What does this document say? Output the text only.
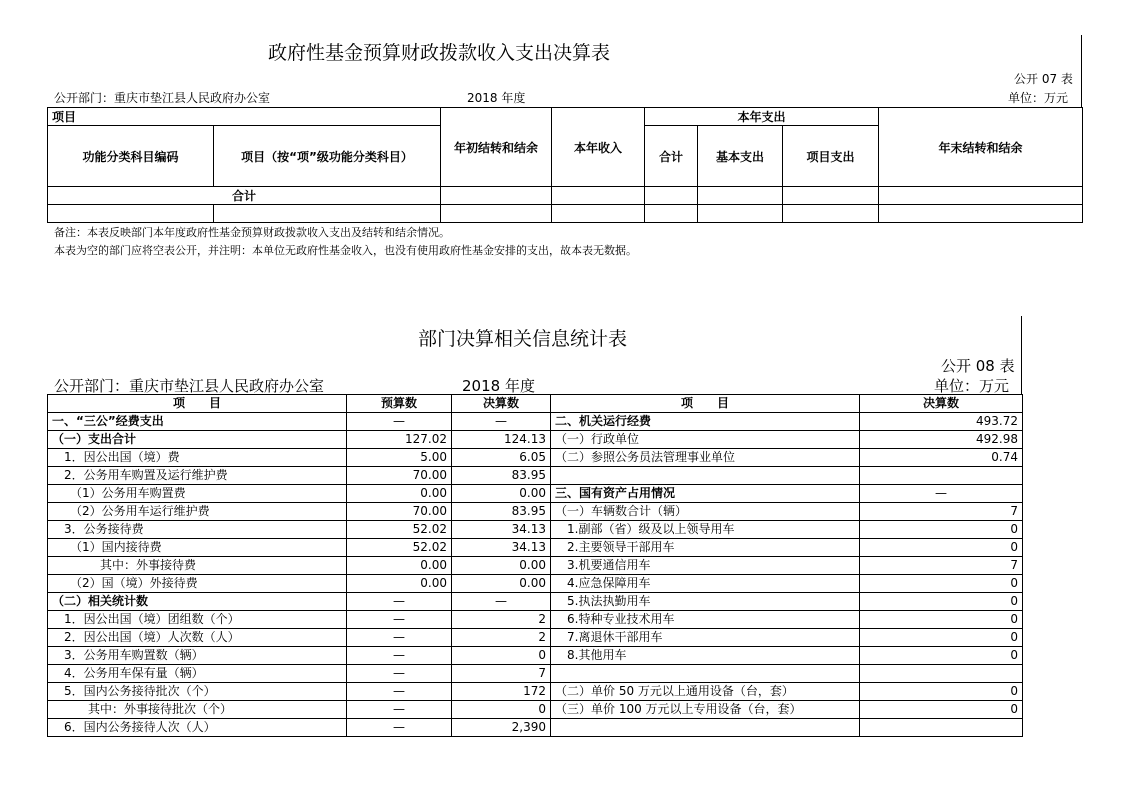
政府性基金预算财政拨款收入支出决算表
公开 07 表
公开部门：重庆市垫江县人民政府办公室	2018 年度	单位：万元
项目		年初结转和结余	本年收入	本年支出			年末结转和结余
功能分类科目编码	项目（按“项”级功能分类科目）			合计	基本支出	项目支出	
合计							

备注：本表反映部门本年度政府性基金预算财政拨款收入支出及结转和结余情况。
本表为空的部门应将空表公开，并注明：本单位无政府性基金收入，也没有使用政府性基金安排的支出，故本表无数据。
部门决算相关信息统计表
公开 08 表
公开部门：重庆市垫江县人民政府办公室	2018 年度	单位：万元
项　　目	预算数	决算数	项　　目	决算数
一、“三公”经费支出	—	—	二、机关运行经费	493.72
（一）支出合计	127.02	124.13	（一）行政单位	492.98
　1．因公出国（境）费	5.00	6.05	（二）参照公务员法管理事业单位	0.74
　2．公务用车购置及运行维护费	70.00	83.95		
　　（1）公务用车购置费	0.00	0.00	三、国有资产占用情况	—
　　（2）公务用车运行维护费	70.00	83.95	（一）车辆数合计（辆）	7
　3．公务接待费	52.02	34.13	　1.副部（省）级及以上领导用车	0
　　（1）国内接待费	52.02	34.13	　2.主要领导干部用车	0
　　　　其中：外事接待费	0.00	0.00	　3.机要通信用车	7
　　（2）国（境）外接待费	0.00	0.00	　4.应急保障用车	0
（二）相关统计数	—	—	　5.执法执勤用车	0
　1．因公出国（境）团组数（个）	—	2	　6.特种专业技术用车	0
　2．因公出国（境）人次数（人）	—	2	　7.离退休干部用车	0
　3．公务用车购置数（辆）	—	0	　8.其他用车	0
　4．公务用车保有量（辆）	—	7		
　5．国内公务接待批次（个）	—	172	（二）单价 50 万元以上通用设备（台，套）	0
　　　其中：外事接待批次（个）	—	0	（三）单价 100 万元以上专用设备（台，套）	0
　6．国内公务接待人次（人）	—	2,390		
